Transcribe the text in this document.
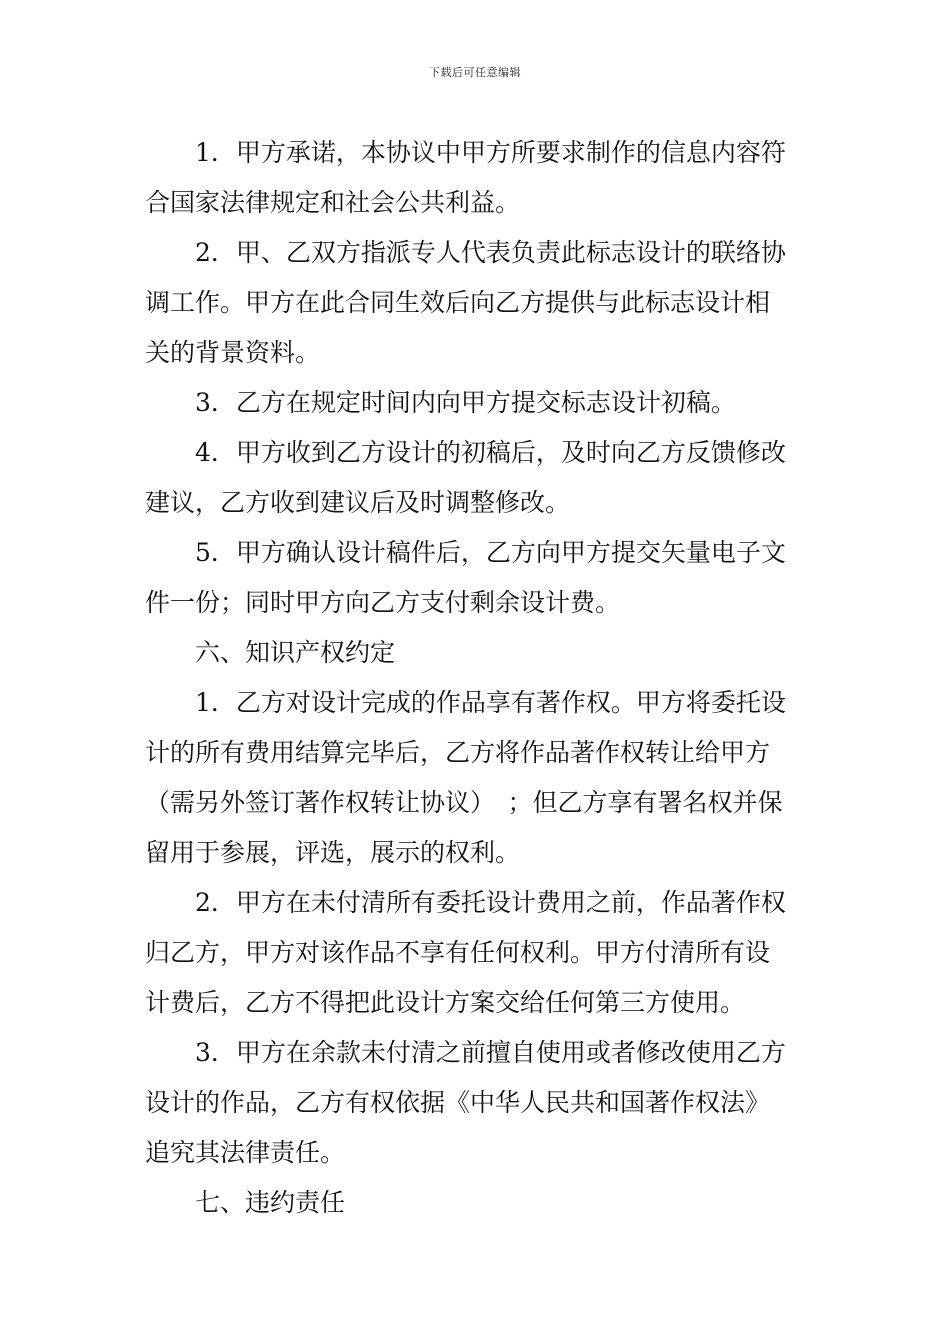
下载后可任意编辑

1．甲方承诺，本协议中甲方所要求制作的信息内容符
合国家法律规定和社会公共利益。

2．甲、乙双方指派专人代表负责此标志设计的联络协
调工作。甲方在此合同生效后向乙方提供与此标志设计相
关的背景资料。

3．乙方在规定时间内向甲方提交标志设计初稿。

4．甲方收到乙方设计的初稿后，及时向乙方反馈修改
建议，乙方收到建议后及时调整修改。

5．甲方确认设计稿件后，乙方向甲方提交矢量电子文
件一份；同时甲方向乙方支付剩余设计费。

六、知识产权约定

1．乙方对设计完成的作品享有著作权。甲方将委托设
计的所有费用结算完毕后，乙方将作品著作权转让给甲方
（需另外签订著作权转让协议）　；但乙方享有署名权并保
留用于参展，评选，展示的权利。

2．甲方在未付清所有委托设计费用之前，作品著作权
归乙方，甲方对该作品不享有任何权利。甲方付清所有设
计费后，乙方不得把此设计方案交给任何第三方使用。

3．甲方在余款未付清之前擅自使用或者修改使用乙方
设计的作品，乙方有权依据《中华人民共和国著作权法》
追究其法律责任。

七、违约责任
